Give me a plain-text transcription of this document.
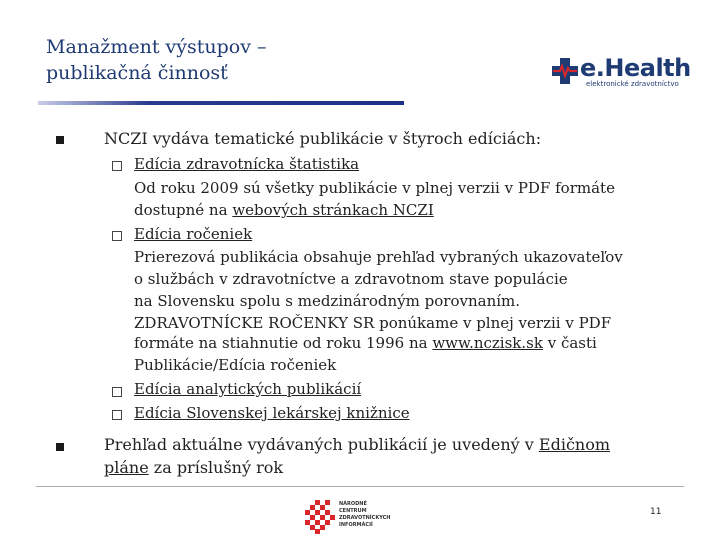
Manažment výstupov –
publikačná činnosť	e.Health
elektronické zdravotníctvo
NCZI vydáva tematické publikácie v štyroch edíciách:
Edícia zdravotnícka štatistika
Od roku 2009 sú všetky publikácie v plnej verzii v PDF formáte
dostupné na webových stránkach NCZI
Edícia ročeniek
Prierezová publikácia obsahuje prehľad vybraných ukazovateľov
o službách v zdravotníctve a zdravotnom stave populácie
na Slovensku spolu s medzinárodným porovnaním.
ZDRAVOTNÍCKE ROČENKY SR ponúkame v plnej verzii v PDF
formáte na stiahnutie od roku 1996 na www.nczisk.sk v časti
Publikácie/Edícia ročeniek
Edícia analytických publikácií
Edícia Slovenskej lekárskej knižnice
Prehľad aktuálne vydávaných publikácií je uvedený v Edičnom
pláne za príslušný rok
NÁRODNÉ
CENTRUM
ZDRAVOTNÍCKYCH
INFORMÁCIÍ
11
